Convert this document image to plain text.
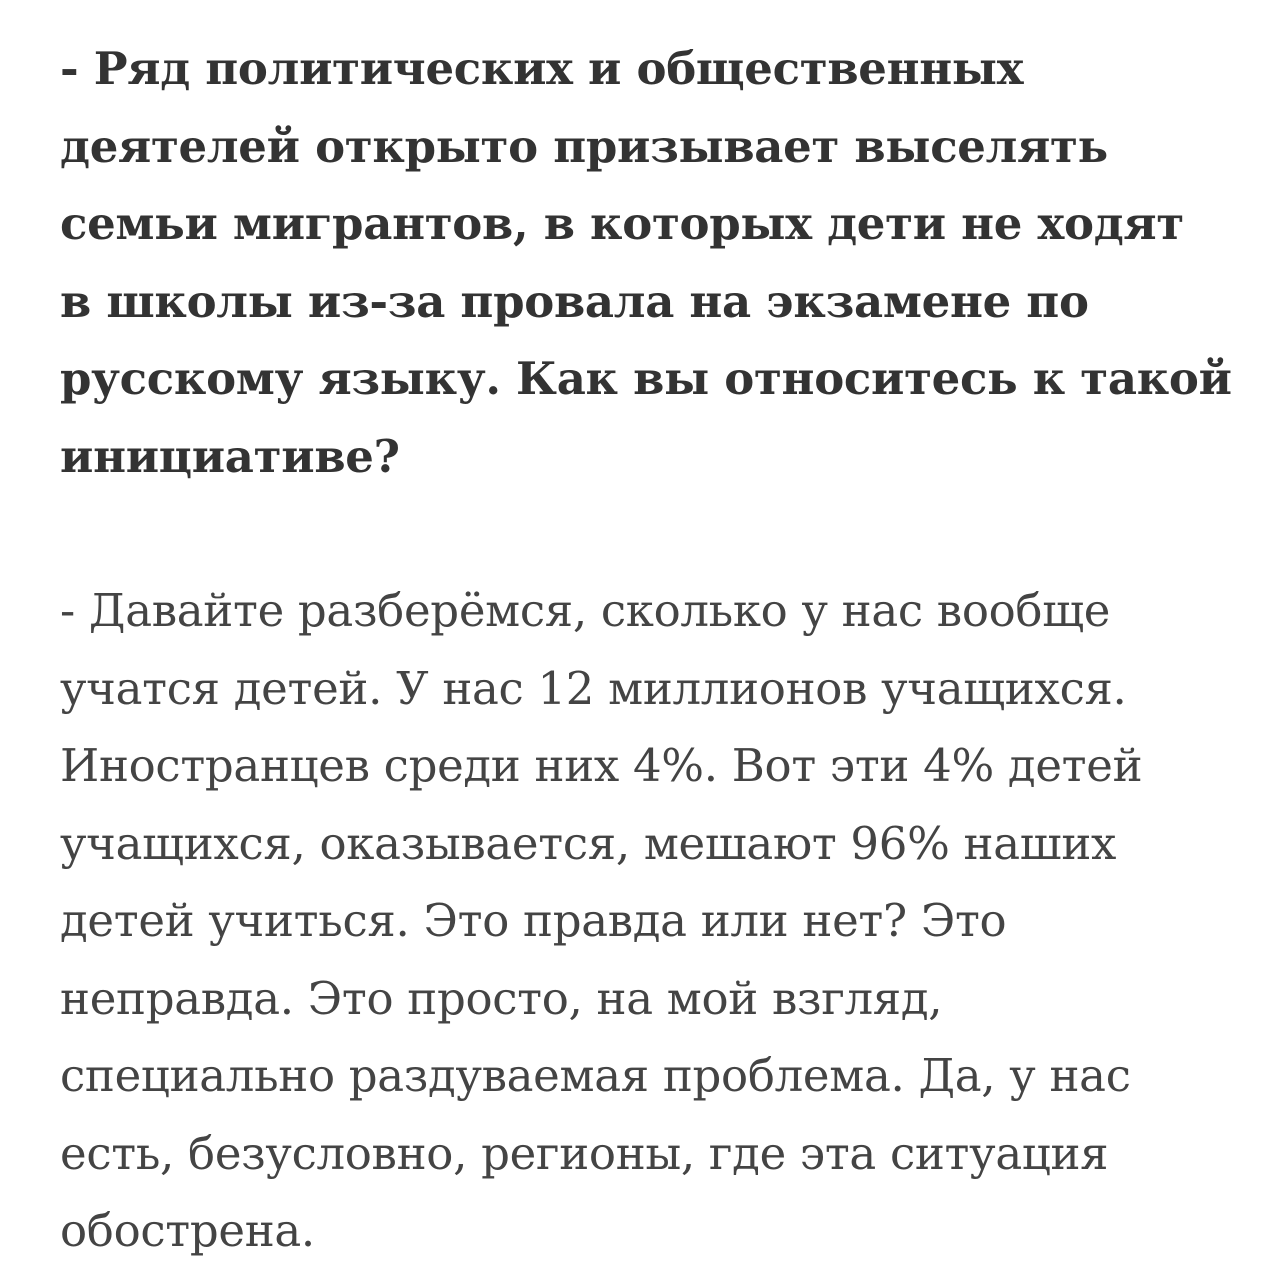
- Ряд политических и общественных
деятелей открыто призывает выселять
семьи мигрантов, в которых дети не ходят
в школы из-за провала на экзамене по
русскому языку. Как вы относитесь к такой
инициативе?

- Давайте разберёмся, сколько у нас вообще
учатся детей. У нас 12 миллионов учащихся.
Иностранцев среди них 4%. Вот эти 4% детей
учащихся, оказывается, мешают 96% наших
детей учиться. Это правда или нет? Это
неправда. Это просто, на мой взгляд,
специально раздуваемая проблема. Да, у нас
есть, безусловно, регионы, где эта ситуация
обострена.
